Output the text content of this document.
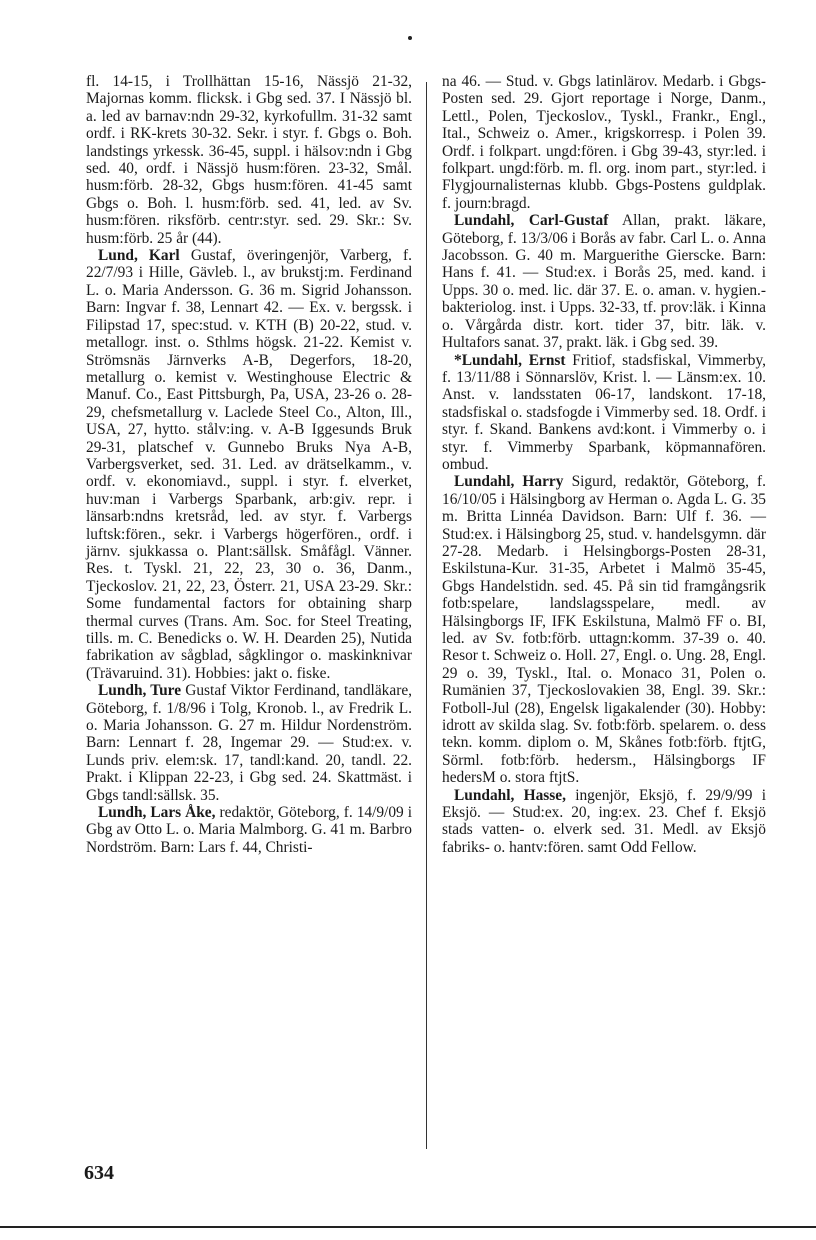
fl. 14-15, i Trollhättan 15-16, Nässjö 21-32, Majornas komm. flicksk. i Gbg sed. 37. I Nässjö bl. a. led av barnav:ndn 29-32, kyrkofullm. 31-32 samt ordf. i RK-krets 30-32. Sekr. i styr. f. Gbgs o. Boh. landstings yrkessk. 36-45, suppl. i hälsov:ndn i Gbg sed. 40, ordf. i Nässjö husm:fören. 23-32, Smål. husm:förb. 28-32, Gbgs husm:fören. 41-45 samt Gbgs o. Boh. l. husm:förb. sed. 41, led. av Sv. husm:fören. riksförb. centr:styr. sed. 29. Skr.: Sv. husm:förb. 25 år (44).

Lund, Karl Gustaf, överingenjör, Varberg, f. 22/7/93 i Hille, Gävleb. l., av brukstj:m. Ferdinand L. o. Maria Andersson. G. 36 m. Sigrid Johansson. Barn: Ingvar f. 38, Lennart 42. — Ex. v. bergssk. i Filipstad 17, spec:stud. v. KTH (B) 20-22, stud. v. metallogr. inst. o. Sthlms högsk. 21-22. Kemist v. Strömsnäs Järnverks A-B, Degerfors, 18-20, metallurg o. kemist v. Westinghouse Electric & Manuf. Co., East Pittsburgh, Pa, USA, 23-26 o. 28-29, chefsmetallurg v. Laclede Steel Co., Alton, Ill., USA, 27, hytto. stålv:ing. v. A-B Iggesunds Bruk 29-31, platschef v. Gunnebo Bruks Nya A-B, Varbergsverket, sed. 31. Led. av drätselkamm., v. ordf. v. ekonomiavd., suppl. i styr. f. elverket, huv:man i Varbergs Sparbank, arb:giv. repr. i länsarb:ndns kretsråd, led. av styr. f. Varbergs luftsk:fören., sekr. i Varbergs högerfören., ordf. i järnv. sjukkassa o. Plant:sällsk. Småfågl. Vänner. Res. t. Tyskl. 21, 22, 23, 30 o. 36, Danm., Tjeckoslov. 21, 22, 23, Österr. 21, USA 23-29. Skr.: Some fundamental factors for obtaining sharp thermal curves (Trans. Am. Soc. for Steel Treating, tills. m. C. Benedicks o. W. H. Dearden 25), Nutida fabrikation av sågblad, sågklingor o. maskinknivar (Trävaruind. 31). Hobbies: jakt o. fiske.

Lundh, Ture Gustaf Viktor Ferdinand, tandläkare, Göteborg, f. 1/8/96 i Tolg, Kronob. l., av Fredrik L. o. Maria Johansson. G. 27 m. Hildur Nordenström. Barn: Lennart f. 28, Ingemar 29. — Stud:ex. v. Lunds priv. elem:sk. 17, tandl:kand. 20, tandl. 22. Prakt. i Klippan 22-23, i Gbg sed. 24. Skattmäst. i Gbgs tandl:sällsk. 35.

Lundh, Lars Åke, redaktör, Göteborg, f. 14/9/09 i Gbg av Otto L. o. Maria Malmborg. G. 41 m. Barbro Nordström. Barn: Lars f. 44, Christi-

na 46. — Stud. v. Gbgs latinlärov. Medarb. i Gbgs-Posten sed. 29. Gjort reportage i Norge, Danm., Lettl., Polen, Tjeckoslov., Tyskl., Frankr., Engl., Ital., Schweiz o. Amer., krigskorresp. i Polen 39. Ordf. i folkpart. ungd:fören. i Gbg 39-43, styr:led. i folkpart. ungd:förb. m. fl. org. inom part., styr:led. i Flygjournalisternas klubb. Gbgs-Postens guldplak. f. journ:bragd.

Lundahl, Carl-Gustaf Allan, prakt. läkare, Göteborg, f. 13/3/06 i Borås av fabr. Carl L. o. Anna Jacobsson. G. 40 m. Marguerithe Gierscke. Barn: Hans f. 41. — Stud:ex. i Borås 25, med. kand. i Upps. 30 o. med. lic. där 37. E. o. aman. v. hygien.-bakteriolog. inst. i Upps. 32-33, tf. prov:läk. i Kinna o. Vårgårda distr. kort. tider 37, bitr. läk. v. Hultafors sanat. 37, prakt. läk. i Gbg sed. 39.

*Lundahl, Ernst Fritiof, stadsfiskal, Vimmerby, f. 13/11/88 i Sönnarslöv, Krist. l. — Länsm:ex. 10. Anst. v. landsstaten 06-17, landskont. 17-18, stadsfiskal o. stadsfogde i Vimmerby sed. 18. Ordf. i styr. f. Skand. Bankens avd:kont. i Vimmerby o. i styr. f. Vimmerby Sparbank, köpmannafören. ombud.

Lundahl, Harry Sigurd, redaktör, Göteborg, f. 16/10/05 i Hälsingborg av Herman o. Agda L. G. 35 m. Britta Linnéa Davidson. Barn: Ulf f. 36. — Stud:ex. i Hälsingborg 25, stud. v. handelsgymn. där 27-28. Medarb. i Helsingborgs-Posten 28-31, Eskilstuna-Kur. 31-35, Arbetet i Malmö 35-45, Gbgs Handelstidn. sed. 45. På sin tid framgångsrik fotb:spelare, landslagsspelare, medl. av Hälsingborgs IF, IFK Eskilstuna, Malmö FF o. BI, led. av Sv. fotb:förb. uttagn:komm. 37-39 o. 40. Resor t. Schweiz o. Holl. 27, Engl. o. Ung. 28, Engl. 29 o. 39, Tyskl., Ital. o. Monaco 31, Polen o. Rumänien 37, Tjeckoslovakien 38, Engl. 39. Skr.: Fotboll-Jul (28), Engelsk ligakalender (30). Hobby: idrott av skilda slag. Sv. fotb:förb. spelarem. o. dess tekn. komm. diplom o. M, Skånes fotb:förb. ftjtG, Sörml. fotb:förb. hedersm., Hälsingborgs IF hedersM o. stora ftjtS.

Lundahl, Hasse, ingenjör, Eksjö, f. 29/9/99 i Eksjö. — Stud:ex. 20, ing:ex. 23. Chef f. Eksjö stads vatten- o. elverk sed. 31. Medl. av Eksjö fabriks- o. hantv:fören. samt Odd Fellow.

634
